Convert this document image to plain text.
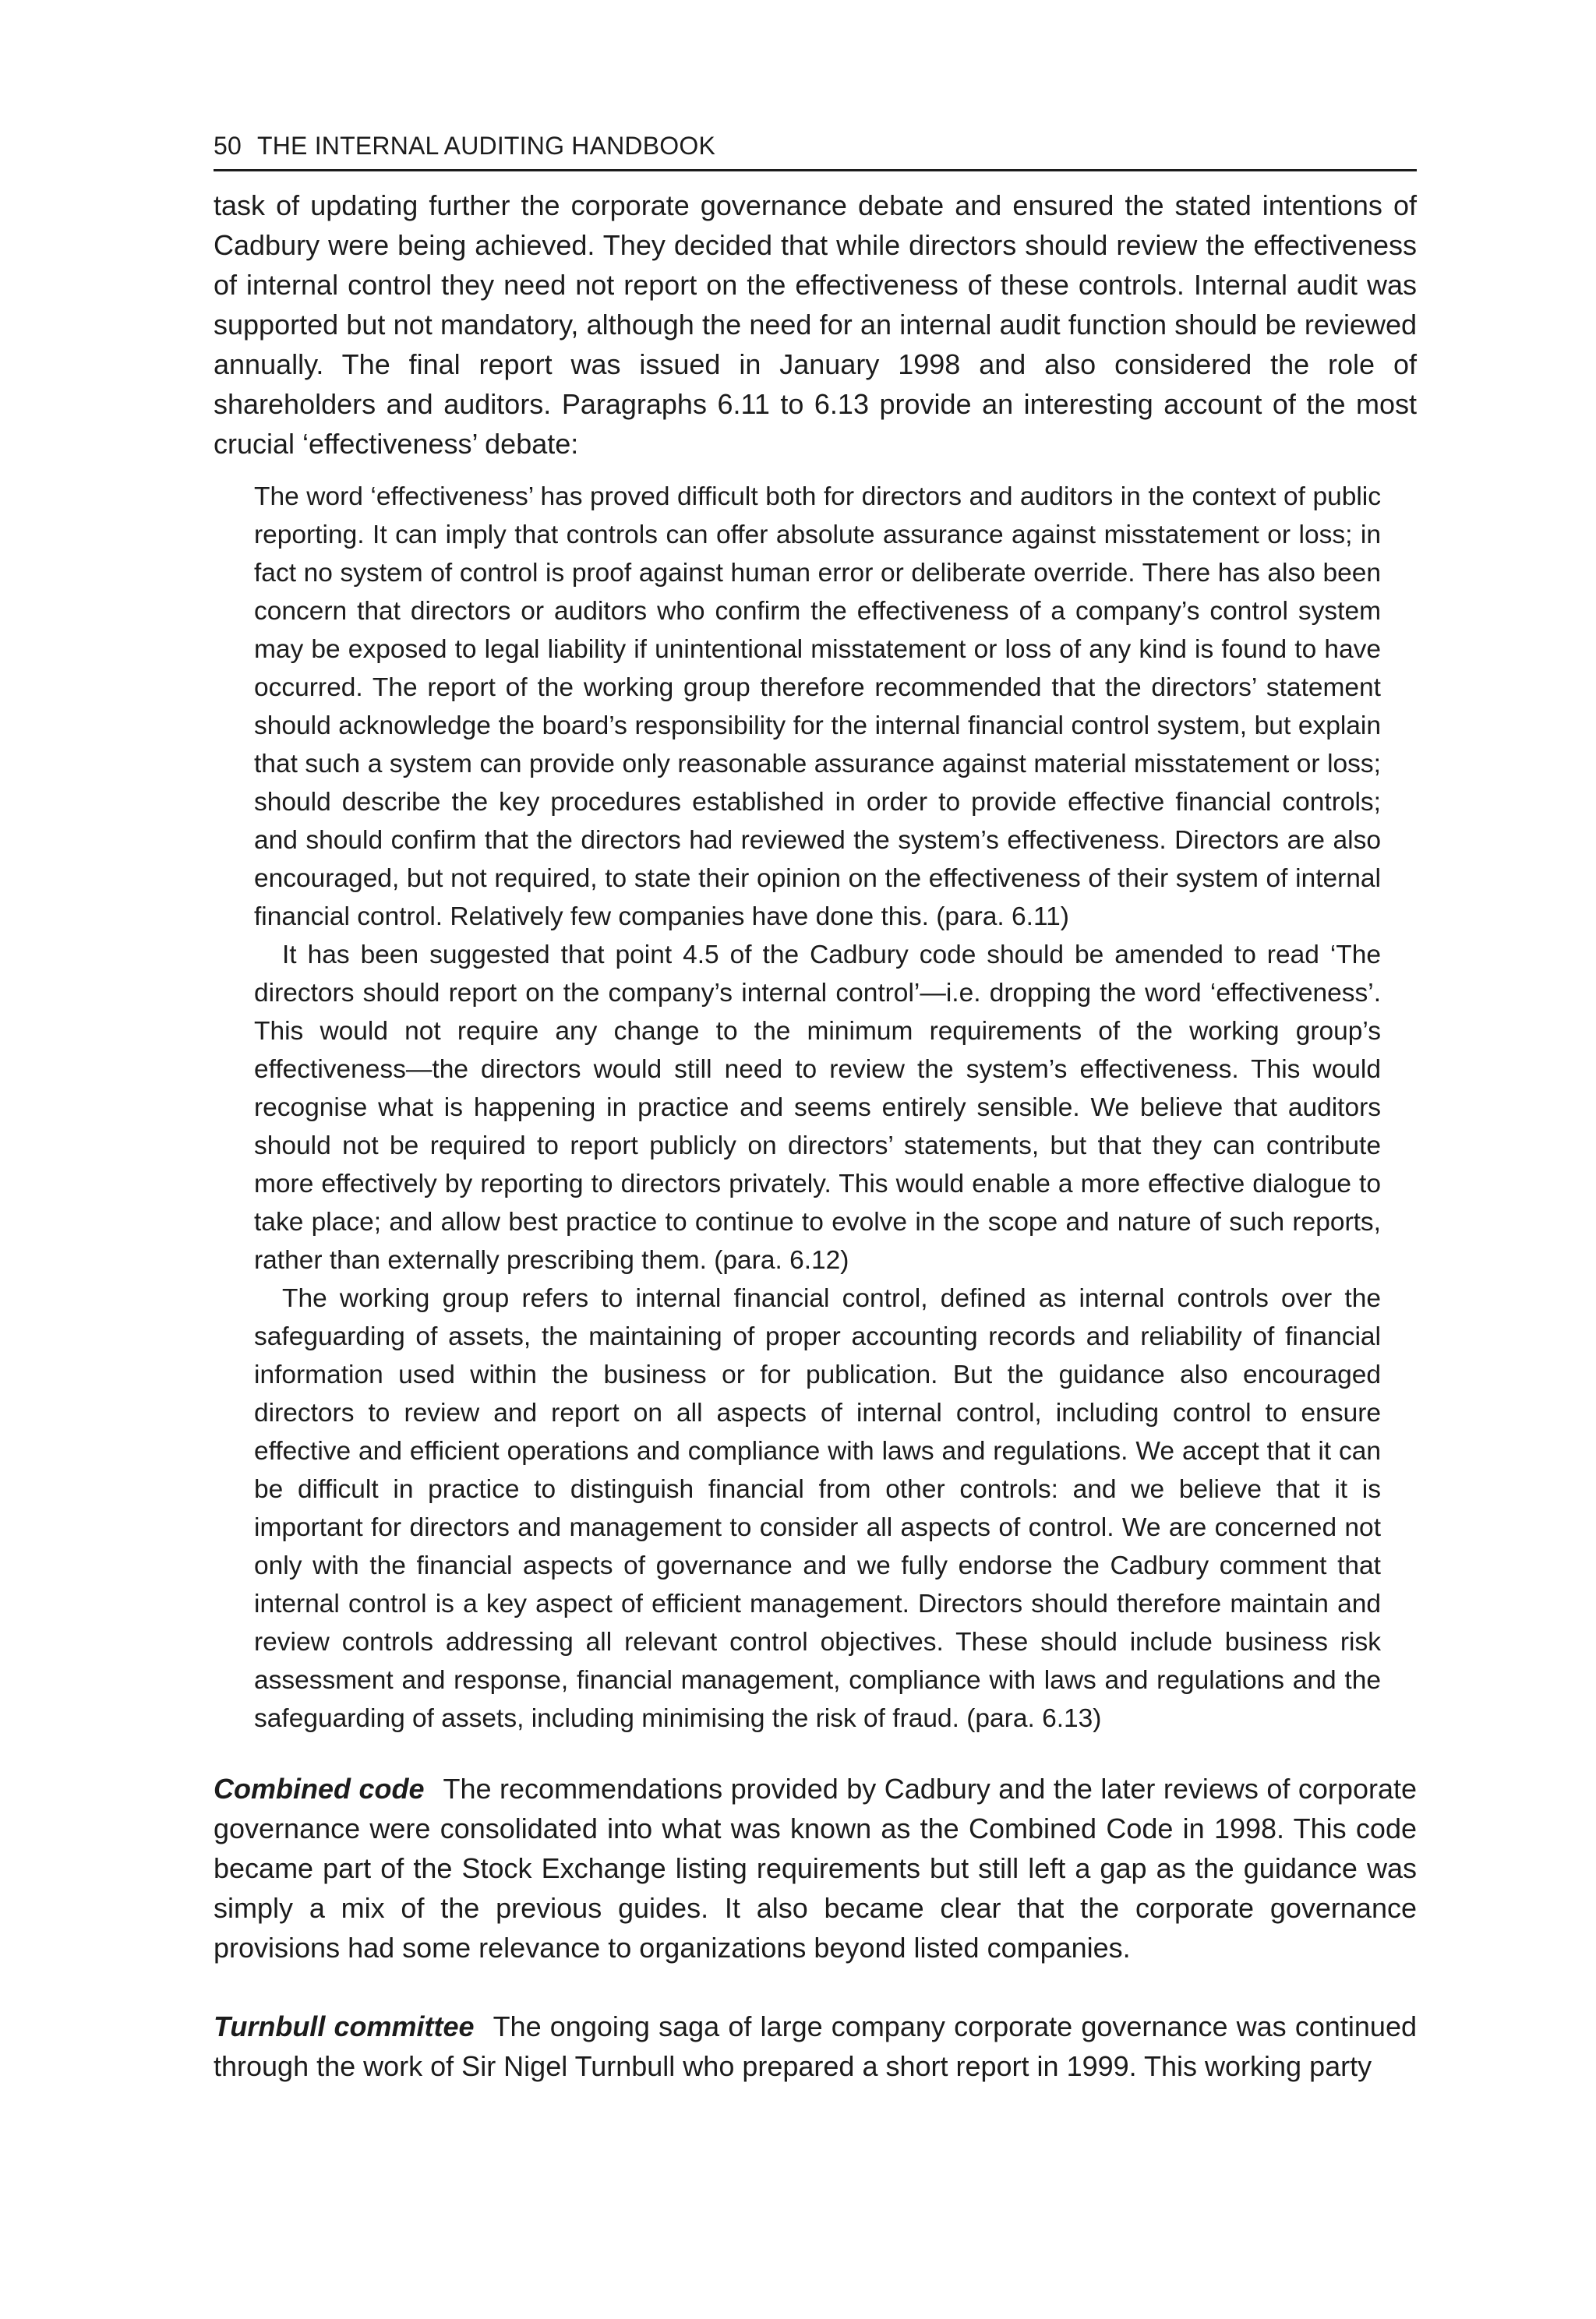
50 THE INTERNAL AUDITING HANDBOOK

task of updating further the corporate governance debate and ensured the stated intentions of Cadbury were being achieved. They decided that while directors should review the effectiveness of internal control they need not report on the effectiveness of these controls. Internal audit was supported but not mandatory, although the need for an internal audit function should be reviewed annually. The final report was issued in January 1998 and also considered the role of shareholders and auditors. Paragraphs 6.11 to 6.13 provide an interesting account of the most crucial ‘effectiveness’ debate:

The word ‘effectiveness’ has proved difficult both for directors and auditors in the context of public reporting. It can imply that controls can offer absolute assurance against misstatement or loss; in fact no system of control is proof against human error or deliberate override. There has also been concern that directors or auditors who confirm the effectiveness of a company’s control system may be exposed to legal liability if unintentional misstatement or loss of any kind is found to have occurred. The report of the working group therefore recommended that the directors’ statement should acknowledge the board’s responsibility for the internal financial control system, but explain that such a system can provide only reasonable assurance against material misstatement or loss; should describe the key procedures established in order to provide effective financial controls; and should confirm that the directors had reviewed the system’s effectiveness. Directors are also encouraged, but not required, to state their opinion on the effectiveness of their system of internal financial control. Relatively few companies have done this. (para. 6.11)

It has been suggested that point 4.5 of the Cadbury code should be amended to read ‘The directors should report on the company’s internal control’—i.e. dropping the word ‘effectiveness’. This would not require any change to the minimum requirements of the working group’s effectiveness—the directors would still need to review the system’s effectiveness. This would recognise what is happening in practice and seems entirely sensible. We believe that auditors should not be required to report publicly on directors’ statements, but that they can contribute more effectively by reporting to directors privately. This would enable a more effective dialogue to take place; and allow best practice to continue to evolve in the scope and nature of such reports, rather than externally prescribing them. (para. 6.12)

The working group refers to internal financial control, defined as internal controls over the safeguarding of assets, the maintaining of proper accounting records and reliability of financial information used within the business or for publication. But the guidance also encouraged directors to review and report on all aspects of internal control, including control to ensure effective and efficient operations and compliance with laws and regulations. We accept that it can be difficult in practice to distinguish financial from other controls: and we believe that it is important for directors and management to consider all aspects of control. We are concerned not only with the financial aspects of governance and we fully endorse the Cadbury comment that internal control is a key aspect of efficient management. Directors should therefore maintain and review controls addressing all relevant control objectives. These should include business risk assessment and response, financial management, compliance with laws and regulations and the safeguarding of assets, including minimising the risk of fraud. (para. 6.13)

Combined code The recommendations provided by Cadbury and the later reviews of corporate governance were consolidated into what was known as the Combined Code in 1998. This code became part of the Stock Exchange listing requirements but still left a gap as the guidance was simply a mix of the previous guides. It also became clear that the corporate governance provisions had some relevance to organizations beyond listed companies.

Turnbull committee The ongoing saga of large company corporate governance was continued through the work of Sir Nigel Turnbull who prepared a short report in 1999. This working party
